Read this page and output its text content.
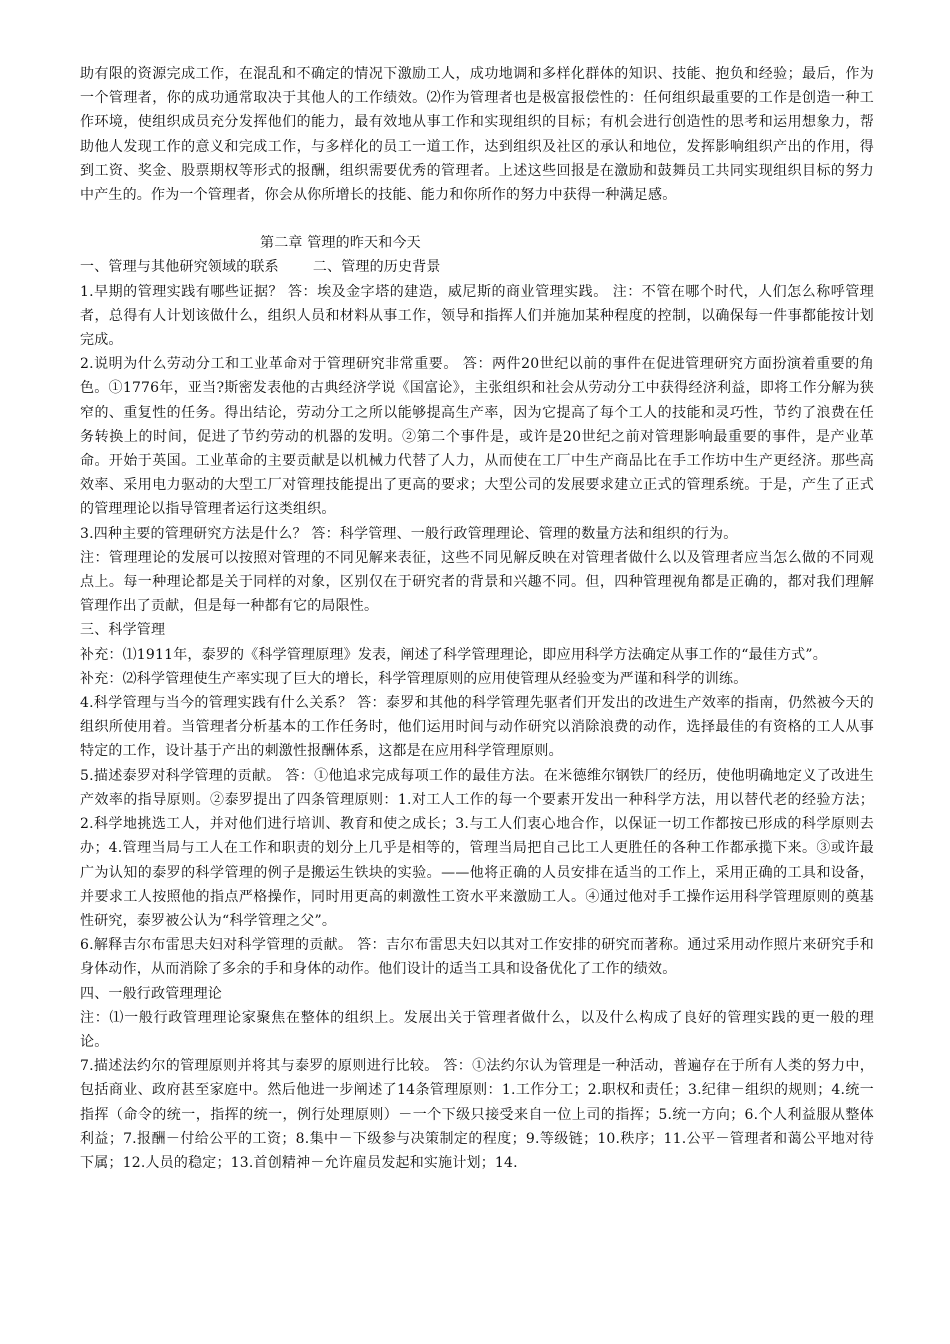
助有限的资源完成工作，在混乱和不确定的情况下激励工人，成功地调和多样化群体的知识、技能、抱负和经验；最后，作为一个管理者，你的成功通常取决于其他人的工作绩效。⑵作为管理者也是极富报偿性的：任何组织最重要的工作是创造一种工作环境，使组织成员充分发挥他们的能力，最有效地从事工作和实现组织的目标；有机会进行创造性的思考和运用想象力，帮助他人发现工作的意义和完成工作，与多样化的员工一道工作，达到组织及社区的承认和地位，发挥影响组织产出的作用，得到工资、奖金、股票期权等形式的报酬，组织需要优秀的管理者。上述这些回报是在激励和鼓舞员工共同实现组织目标的努力中产生的。作为一个管理者，你会从你所增长的技能、能力和你所作的努力中获得一种满足感。

第二章 管理的昨天和今天

一、管理与其他研究领域的联系 二、管理的历史背景

1.早期的管理实践有哪些证据？ 答：埃及金字塔的建造，威尼斯的商业管理实践。 注：不管在哪个时代，人们怎么称呼管理者，总得有人计划该做什么，组织人员和材料从事工作，领导和指挥人们并施加某种程度的控制，以确保每一件事都能按计划完成。

2.说明为什么劳动分工和工业革命对于管理研究非常重要。 答：两件20世纪以前的事件在促进管理研究方面扮演着重要的角色。①1776年，亚当?斯密发表他的古典经济学说《国富论》，主张组织和社会从劳动分工中获得经济利益，即将工作分解为狭窄的、重复性的任务。得出结论，劳动分工之所以能够提高生产率，因为它提高了每个工人的技能和灵巧性，节约了浪费在任务转换上的时间，促进了节约劳动的机器的发明。②第二个事件是，或许是20世纪之前对管理影响最重要的事件，是产业革命。开始于英国。工业革命的主要贡献是以机械力代替了人力，从而使在工厂中生产商品比在手工作坊中生产更经济。那些高效率、采用电力驱动的大型工厂对管理技能提出了更高的要求；大型公司的发展要求建立正式的管理系统。于是，产生了正式的管理理论以指导管理者运行这类组织。

3.四种主要的管理研究方法是什么？ 答：科学管理、一般行政管理理论、管理的数量方法和组织的行为。

注：管理理论的发展可以按照对管理的不同见解来表征，这些不同见解反映在对管理者做什么以及管理者应当怎么做的不同观点上。每一种理论都是关于同样的对象，区别仅在于研究者的背景和兴趣不同。但，四种管理视角都是正确的，都对我们理解管理作出了贡献，但是每一种都有它的局限性。

三、科学管理

补充：⑴1911年，泰罗的《科学管理原理》发表，阐述了科学管理理论，即应用科学方法确定从事工作的“最佳方式”。

补充：⑵科学管理使生产率实现了巨大的增长，科学管理原则的应用使管理从经验变为严谨和科学的训练。

4.科学管理与当今的管理实践有什么关系？ 答：泰罗和其他的科学管理先驱者们开发出的改进生产效率的指南，仍然被今天的组织所使用着。当管理者分析基本的工作任务时，他们运用时间与动作研究以消除浪费的动作，选择最佳的有资格的工人从事特定的工作，设计基于产出的刺激性报酬体系，这都是在应用科学管理原则。

5.描述泰罗对科学管理的贡献。 答：①他追求完成每项工作的最佳方法。在米德维尔钢铁厂的经历，使他明确地定义了改进生产效率的指导原则。②泰罗提出了四条管理原则：1.对工人工作的每一个要素开发出一种科学方法，用以替代老的经验方法；2.科学地挑选工人，并对他们进行培训、教育和使之成长；3.与工人们衷心地合作，以保证一切工作都按已形成的科学原则去办；4.管理当局与工人在工作和职责的划分上几乎是相等的，管理当局把自己比工人更胜任的各种工作都承揽下来。③或许最广为认知的泰罗的科学管理的例子是搬运生铁块的实验。——他将正确的人员安排在适当的工作上，采用正确的工具和设备，并要求工人按照他的指点严格操作，同时用更高的刺激性工资水平来激励工人。④通过他对手工操作运用科学管理原则的奠基性研究，泰罗被公认为“科学管理之父”。

6.解释吉尔布雷思夫妇对科学管理的贡献。 答：吉尔布雷思夫妇以其对工作安排的研究而著称。通过采用动作照片来研究手和身体动作，从而消除了多余的手和身体的动作。他们设计的适当工具和设备优化了工作的绩效。

四、一般行政管理理论

注：⑴一般行政管理理论家聚焦在整体的组织上。发展出关于管理者做什么，以及什么构成了良好的管理实践的更一般的理论。

7.描述法约尔的管理原则并将其与泰罗的原则进行比较。 答：①法约尔认为管理是一种活动，普遍存在于所有人类的努力中，包括商业、政府甚至家庭中。然后他进一步阐述了14条管理原则：1.工作分工；2.职权和责任；3.纪律－组织的规则；4.统一指挥（命令的统一，指挥的统一，例行处理原则）－一个下级只接受来自一位上司的指挥；5.统一方向；6.个人利益服从整体利益；7.报酬－付给公平的工资；8.集中－下级参与决策制定的程度；9.等级链；10.秩序；11.公平－管理者和蔼公平地对待下属；12.人员的稳定；13.首创精神－允许雇员发起和实施计划；14.
